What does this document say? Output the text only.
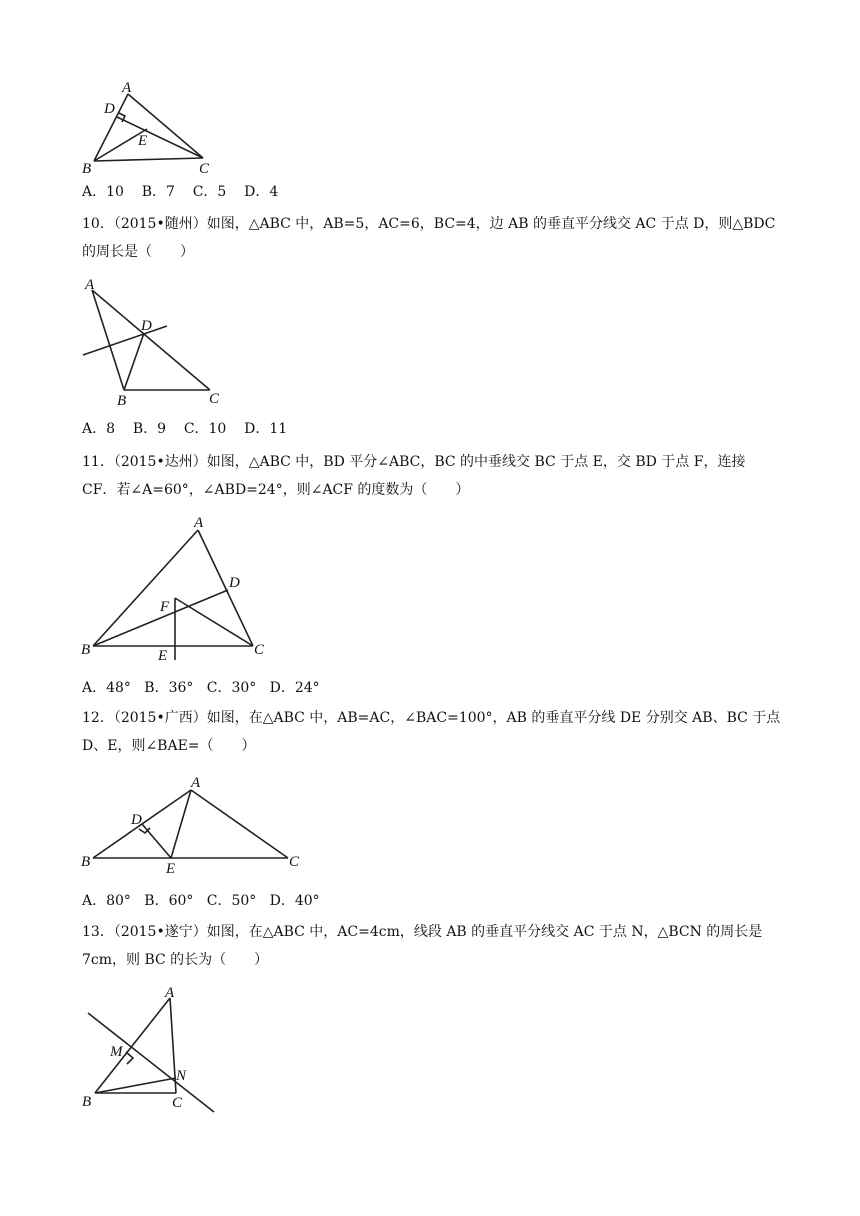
A
D
E
B	C
A．10    B．7    C．5    D．4
10．（2015•随州）如图，△ABC 中，AB=5，AC=6，BC=4，边 AB 的垂直平分线交 AC 于点 D，则△BDC 的周长是（　　）
A
D
B	C
A．8    B．9    C．10    D．11
11．（2015•达州）如图，△ABC 中，BD 平分∠ABC，BC 的中垂线交 BC 于点 E，交 BD 于点 F，连接 CF．若∠A=60°，∠ABD=24°，则∠ACF 的度数为（　　）
A
D
F
B	C
E
A．48°   B．36°   C．30°   D．24°
12．（2015•广西）如图，在△ABC 中，AB=AC，∠BAC=100°，AB 的垂直平分线 DE 分别交 AB、BC 于点 D、E，则∠BAE=（　　）
A
D
B	E	C
A．80°   B．60°   C．50°   D．40°
13．（2015•遂宁）如图，在△ABC 中，AC=4cm，线段 AB 的垂直平分线交 AC 于点 N，△BCN 的周长是 7cm，则 BC 的长为（　　）
A
M
N
B	C
